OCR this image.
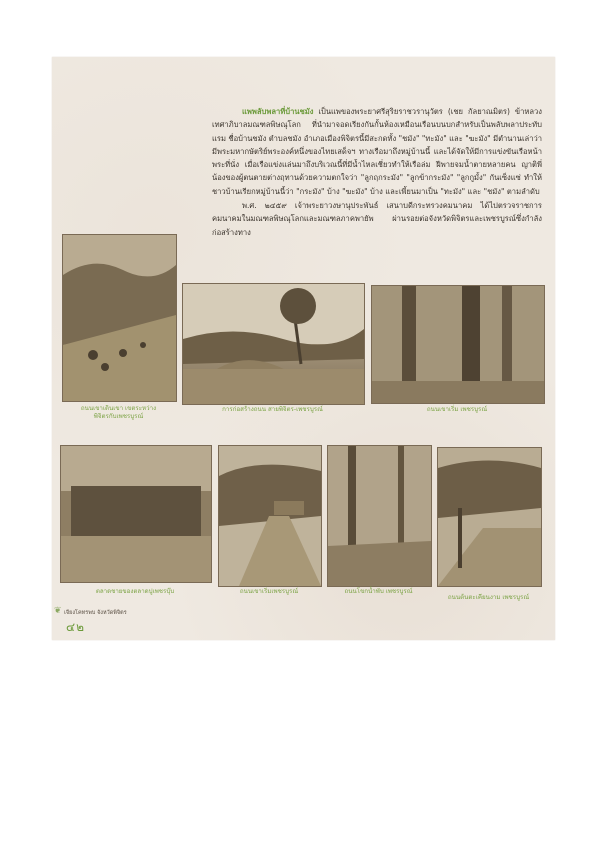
แพพลับพลาที่บ้านชมัง เป็นแพของพระยาศรีสุริยราชวรานุวัตร (เชย กัลยาณมิตร) ข้าหลวงเทศาภิบาลมณฑลพิษณุโลก ที่นำมาจอดเรียงกันกั้นห้องเหมือนเรือนบนบกสำหรับเป็นพลับพลาประทับแรม ชื่อบ้านชมัง ตำบลชมัง อำเภอเมืองพิจิตรนี้มีสะกดทั้ง "ชมัง" "ทะมัง" และ "ฆะมัง" มีตำนานเล่าว่ามีพระมหากษัตริย์พระองค์หนึ่งของไทยเสด็จฯ ทางเรือมาถึงหมู่บ้านนี้ และได้จัดให้มีการแข่งขันเรือหน้าพระที่นั่ง เมื่อเรือแข่งแล่นมาถึงบริเวณนี้ที่มีน้ำไหลเชี่ยวทำให้เรือล่ม ฝีพายจมน้ำตายหลายคน ญาติพี่น้องของผู้ตนตายต่างฤทานด้วยความตกใจว่า "ลูกฤกระมัง" "ลูกข้ากระมัง" "ลูกกูมั้ง" กันเซ็งแซ่ ทำให้ชาวบ้านเรียกหมู่บ้านนี้ว่า "กระมัง" บ้าง "ฆะมัง" บ้าง และเพี้ยนมาเป็น "ทะมัง" และ "ชมัง" ตามลำดับ

พ.ศ. ๒๔๕๙ เจ้าพระยาวงษานุประพันธ์ เสนาบดีกระทรวงคมนาคม ได้ไปตรวจราชการคมนาคมในมณฑลพิษณุโลกและมณฑลภาคพายัพ ผ่านรอยต่อจังหวัดพิจิตรและเพชรบูรณ์ซึ่งกำลังก่อสร้างทาง

ถนนเขาเดินเขา เขตระหว่าง
พิจิตรกับเพชรบูรณ์
การก่อสร้างถนน สายพิจิตร-เพชรบูรณ์	ถนนเขาเริ่ม เพชรบูรณ์
ตลาดชายของตลาดปูเพชรบุ๊บ	ถนนเขาเริ่มเพชรบูรณ์	ถนนโขกน้ำพับ เพชรบูรณ์
ถนนต้นตะเคียนงาม เพชรบูรณ์
❦ เจียงโคทรพบ จังหวัดพิจิตร
๔๒
